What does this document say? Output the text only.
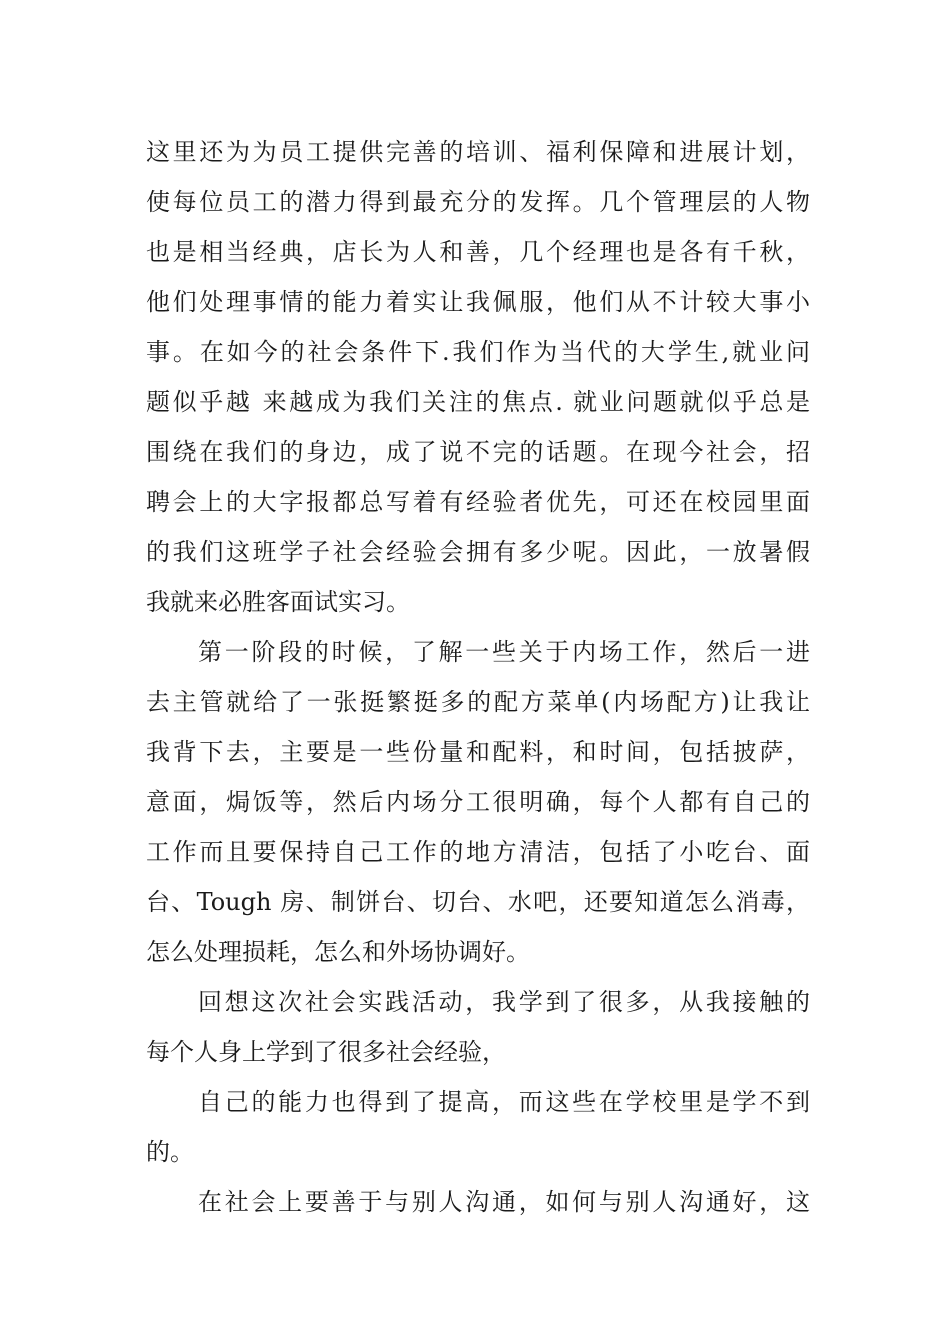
这里还为为员工提供完善的培训、福利保障和进展计划，
使每位员工的潜力得到最充分的发挥。几个管理层的人物
也是相当经典，店长为人和善，几个经理也是各有千秋，
他们处理事情的能力着实让我佩服，他们从不计较大事小
事。在如今的社会条件下.我们作为当代的大学生,就业问
题似乎越 来越成为我们关注的焦点. 就业问题就似乎总是
围绕在我们的身边，成了说不完的话题。在现今社会，招
聘会上的大字报都总写着有经验者优先，可还在校园里面
的我们这班学子社会经验会拥有多少呢。因此，一放暑假
我就来必胜客面试实习。
第一阶段的时候，了解一些关于内场工作，然后一进
去主管就给了一张挺繁挺多的配方菜单(内场配方)让我让
我背下去，主要是一些份量和配料，和时间，包括披萨，
意面，焗饭等，然后内场分工很明确，每个人都有自己的
工作而且要保持自己工作的地方清洁，包括了小吃台、面
台、Tough 房、制饼台、切台、水吧，还要知道怎么消毒，
怎么处理损耗，怎么和外场协调好。
回想这次社会实践活动，我学到了很多，从我接触的
每个人身上学到了很多社会经验，
自己的能力也得到了提高，而这些在学校里是学不到
的。
在社会上要善于与别人沟通，如何与别人沟通好，这
